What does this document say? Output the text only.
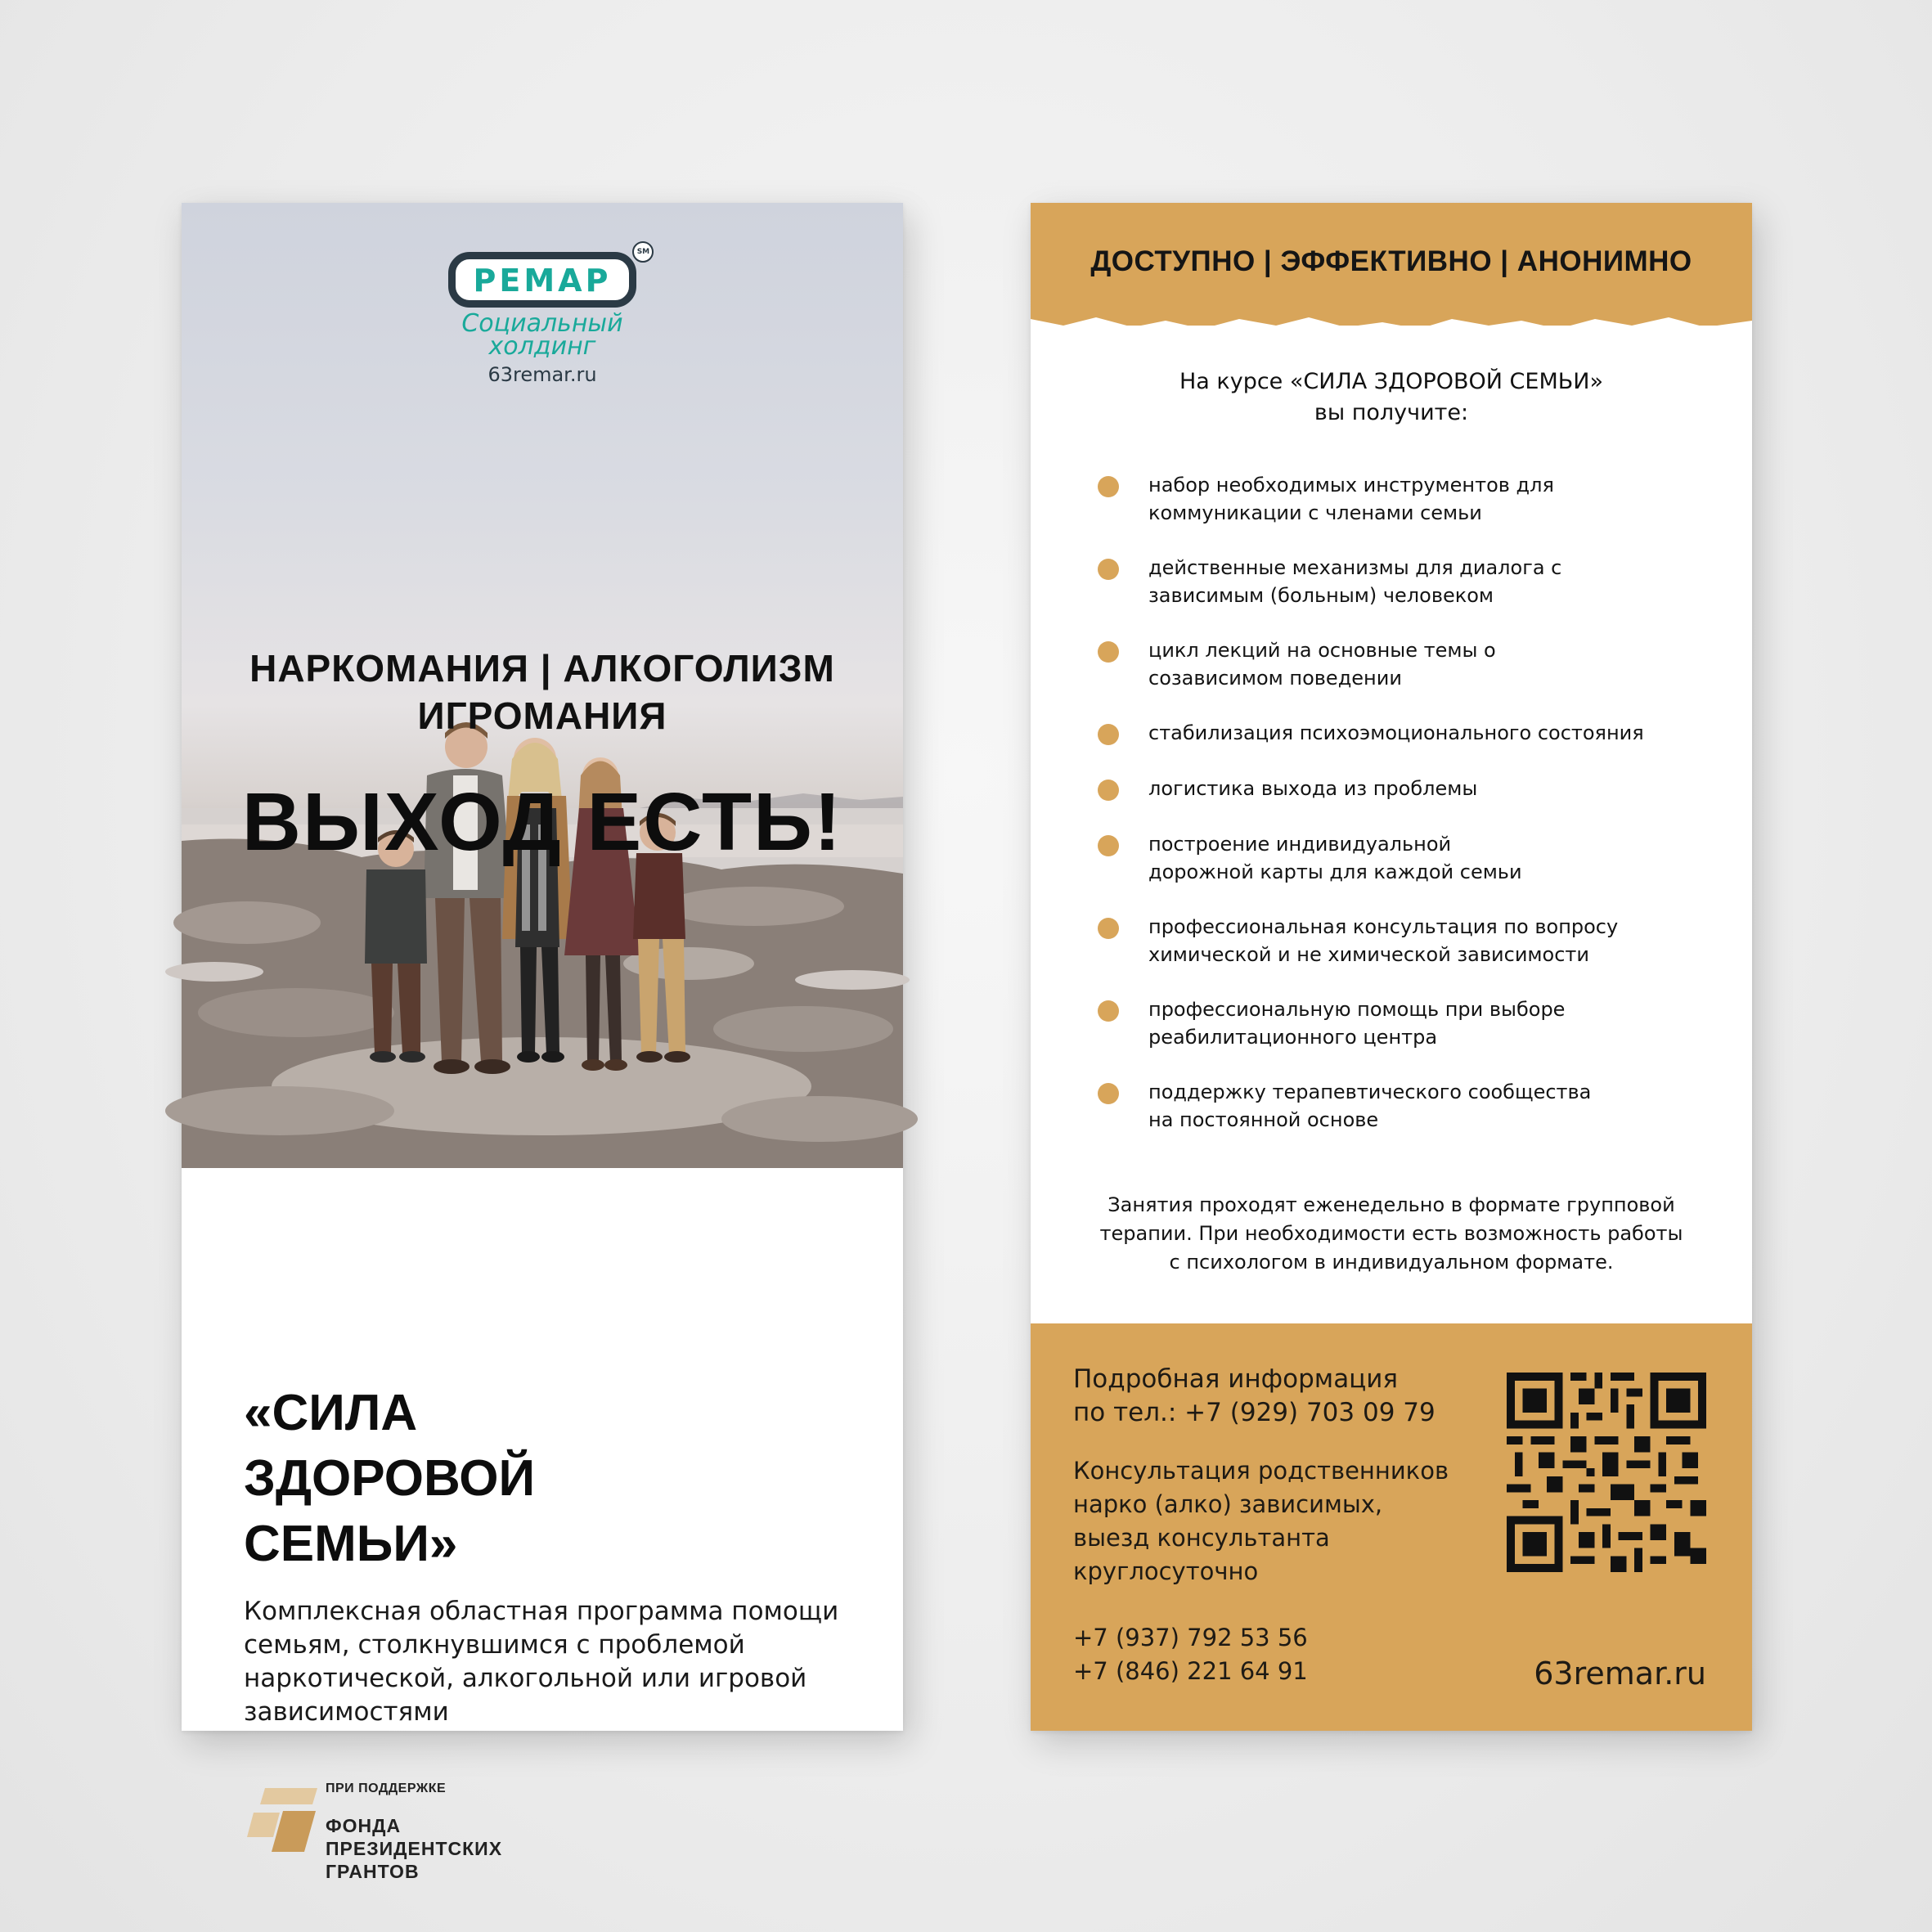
РЕМАР
SM
Социальный
холдинг
63remar.ru
НАРКОМАНИЯ | АЛКОГОЛИЗМ
ИГРОМАНИЯ
ВЫХОД ЕСТЬ!
«СИЛА
ЗДОРОВОЙ
СЕМЬИ»
Комплексная областная программа помощи семьям, столкнувшимся с проблемой наркотической, алкогольной или игровой зависимостями
ПРИ ПОДДЕРЖКЕ
ФОНДА
ПРЕЗИДЕНТСКИХ
ГРАНТОВ
ДОСТУПНО | ЭФФЕКТИВНО | АНОНИМНО
На курсе «СИЛА ЗДОРОВОЙ СЕМЬИ»
вы получите:
набор необходимых инструментов для
коммуникации с членами семьи
действенные механизмы для диалога с
зависимым (больным) человеком
цикл лекций на основные темы о
созависимом поведении
стабилизация психоэмоционального состояния
логистика выхода из проблемы
построение индивидуальной
дорожной карты для каждой семьи
профессиональная консультация по вопросу
химической и не химической зависимости
профессиональную помощь при выборе
реабилитационного центра
поддержку терапевтического сообщества
на постоянной основе
Занятия проходят еженедельно в формате групповой
терапии. При необходимости есть возможность работы
с психологом в индивидуальном формате.
Подробная информация
по тел.: +7 (929) 703 09 79
Консультация родственников
нарко (алко) зависимых,
выезд консультанта
круглосуточно
+7 (937) 792 53 56
+7 (846) 221 64 91	63remar.ru
